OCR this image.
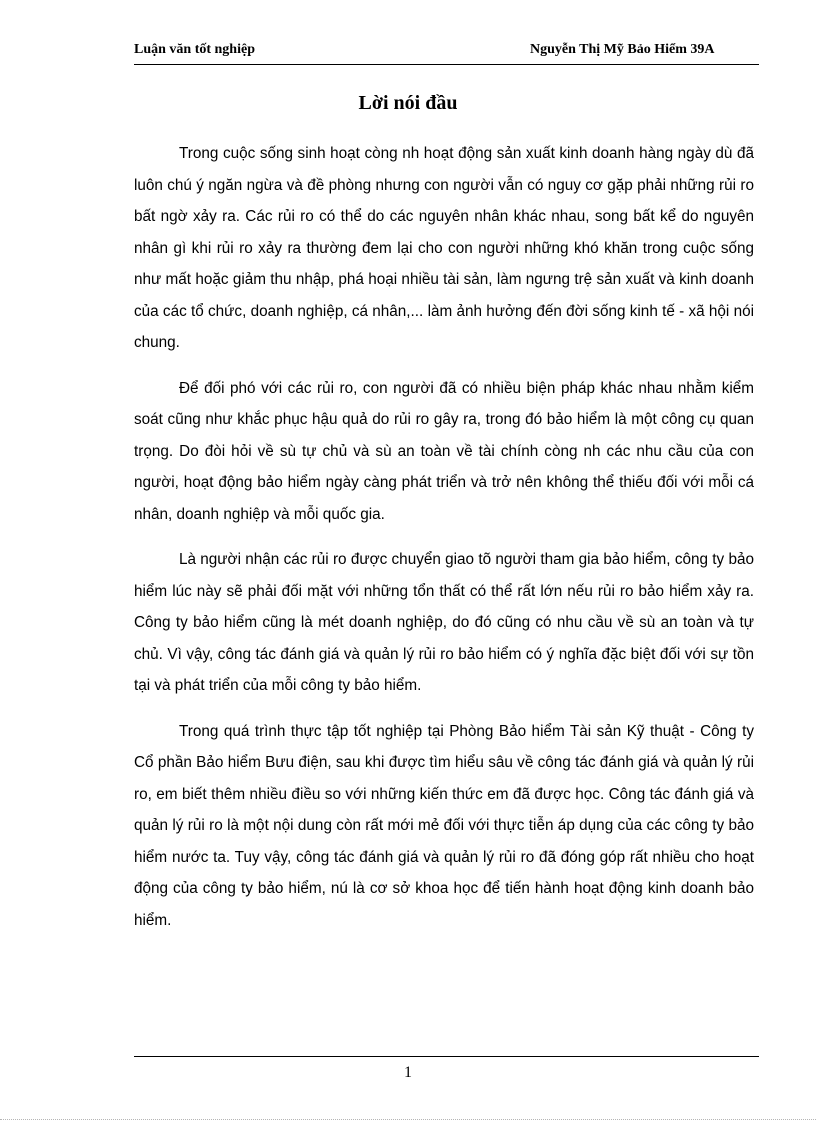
Luận văn tốt nghiệp	Nguyễn Thị Mỹ Bảo Hiểm 39A
Lời nói đầu

Trong cuộc sống sinh hoạt còng nh hoạt động sản xuất kinh doanh hàng ngày dù đã luôn chú ý ngăn ngừa và đề phòng nhưng con người vẫn có nguy cơ gặp phải những rủi ro bất ngờ xảy ra. Các rủi ro có thể do các nguyên nhân khác nhau, song bất kể do nguyên nhân gì khi rủi ro xảy ra thường đem lại cho con người những khó khăn trong cuộc sống như mất hoặc giảm thu nhập, phá hoại nhiều tài sản, làm ngưng trệ sản xuất và kinh doanh của các tổ chức, doanh nghiệp, cá nhân,... làm ảnh hưởng đến đời sống kinh tế - xã hội nói chung.

Để đối phó với các rủi ro, con người đã có nhiều biện pháp khác nhau nhằm kiểm soát cũng như khắc phục hậu quả do rủi ro gây ra, trong đó bảo hiểm là một công cụ quan trọng. Do đòi hỏi về sù tự chủ và sù an toàn về tài chính còng nh các nhu cầu của con người, hoạt động bảo hiểm ngày càng phát triển và trở nên không thể thiếu đối với mỗi cá nhân, doanh nghiệp và mỗi quốc gia.

Là người nhận các rủi ro được chuyển giao tõ người tham gia bảo hiểm, công ty bảo hiểm lúc này sẽ phải đối mặt với những tổn thất có thể rất lớn nếu rủi ro bảo hiểm xảy ra. Công ty bảo hiểm cũng là mét doanh nghiệp, do đó cũng có nhu cầu về sù an toàn và tự chủ. Vì vậy, công tác đánh giá và quản lý rủi ro bảo hiểm có ý nghĩa đặc biệt đối với sự tồn tại và phát triển của mỗi công ty bảo hiểm.

Trong quá trình thực tập tốt nghiệp tại Phòng Bảo hiểm Tài sản Kỹ thuật - Công ty Cổ phần Bảo hiểm Bưu điện, sau khi được tìm hiểu sâu về công tác đánh giá và quản lý rủi ro, em biết thêm nhiều điều so với những kiến thức em đã được học. Công tác đánh giá và quản lý rủi ro là một nội dung còn rất mới mẻ đối với thực tiễn áp dụng của các công ty bảo hiểm nước ta. Tuy vậy, công tác đánh giá và quản lý rủi ro đã đóng góp rất nhiều cho hoạt động của công ty bảo hiểm, nú là cơ sở khoa học để tiến hành hoạt động kinh doanh bảo hiểm.

1
